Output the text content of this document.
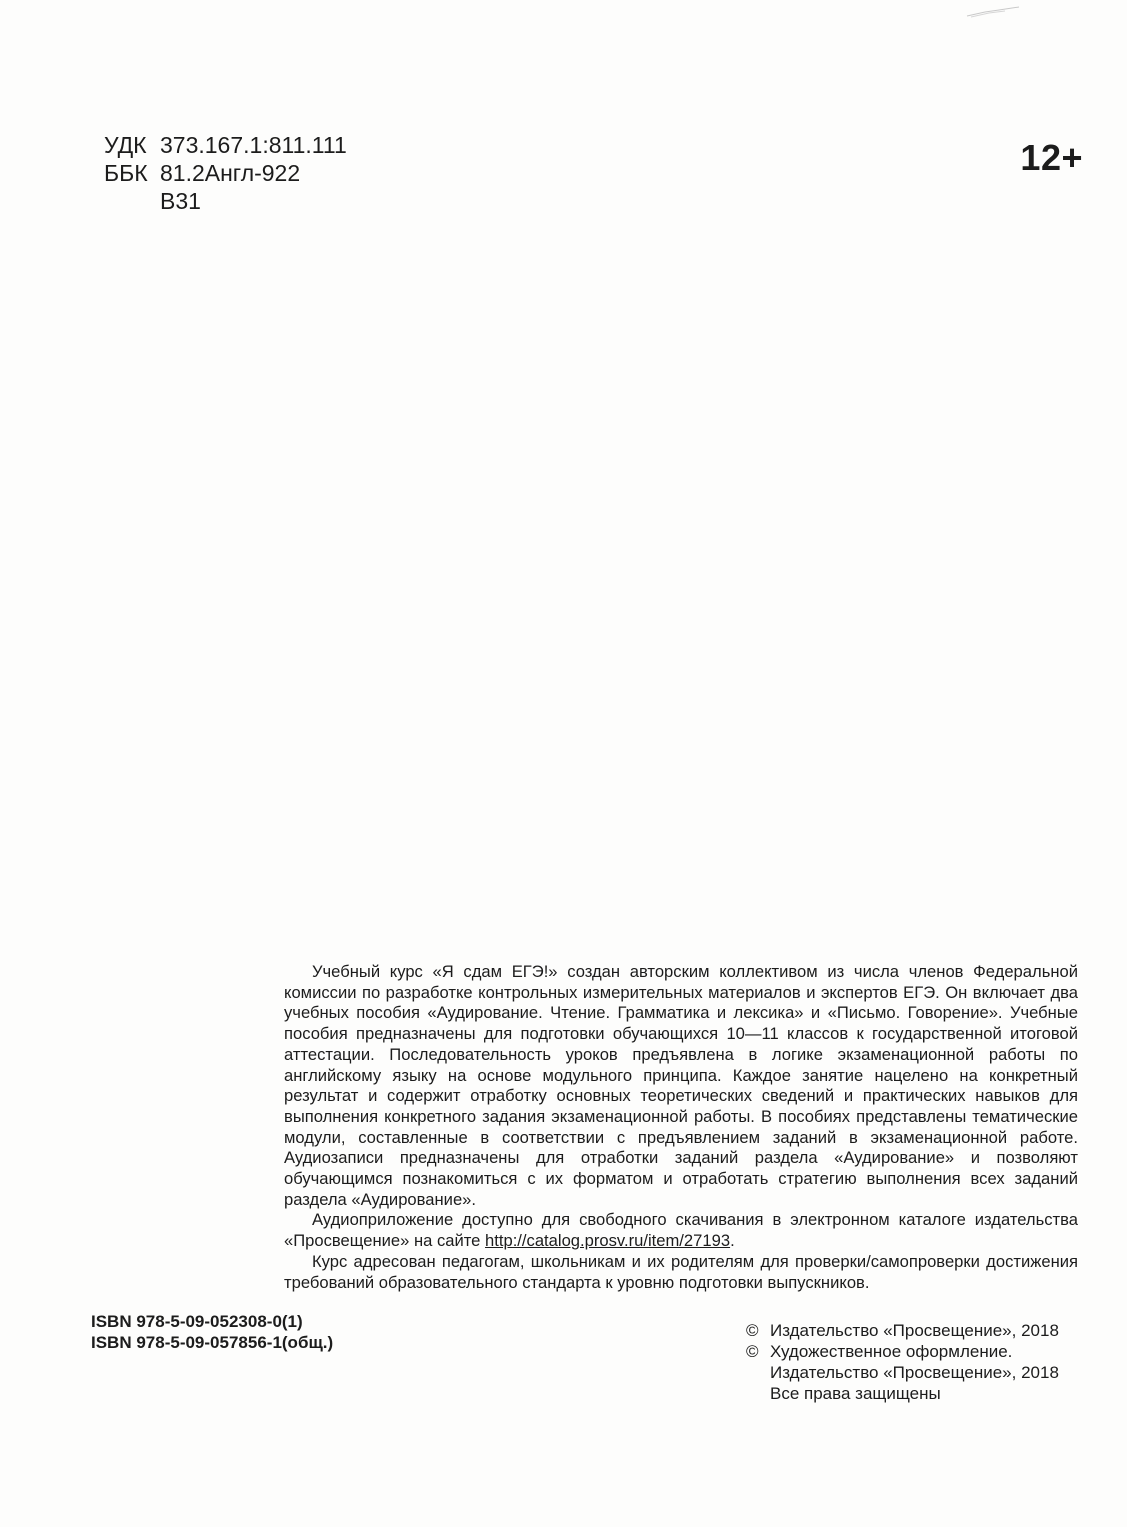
УДК 373.167.1:811.111
ББК 81.2Англ-922
В31
12+

Учебный курс «Я сдам ЕГЭ!» создан авторским коллективом из числа членов Федеральной комиссии по разработке контрольных измерительных материалов и экспертов ЕГЭ. Он включает два учебных пособия «Аудирование. Чтение. Грамматика и лексика» и «Письмо. Говорение». Учебные пособия предназначены для подготовки обучающихся 10—11 классов к государственной итоговой аттестации. Последовательность уроков предъявлена в логике экзаменационной работы по английскому языку на основе модульного принципа. Каждое занятие нацелено на конкретный результат и содержит отработку основных теоретических сведений и практических навыков для выполнения конкретного задания экзаменационной работы. В пособиях представлены тематические модули, составленные в соответствии с предъявлением заданий в экзаменационной работе. Аудиозаписи предназначены для отработки заданий раздела «Аудирование» и позволяют обучающимся познакомиться с их форматом и отработать стратегию выполнения всех заданий раздела «Аудирование».

Аудиоприложение доступно для свободного скачивания в электронном каталоге издательства «Просвещение» на сайте http://catalog.prosv.ru/item/27193.

Курс адресован педагогам, школьникам и их родителям для проверки/самопроверки достижения требований образовательного стандарта к уровню подготовки выпускников.

ISBN 978-5-09-052308-0(1)
ISBN 978-5-09-057856-1(общ.)
© Издательство «Просвещение», 2018
© Художественное оформление.
Издательство «Просвещение», 2018
Все права защищены
